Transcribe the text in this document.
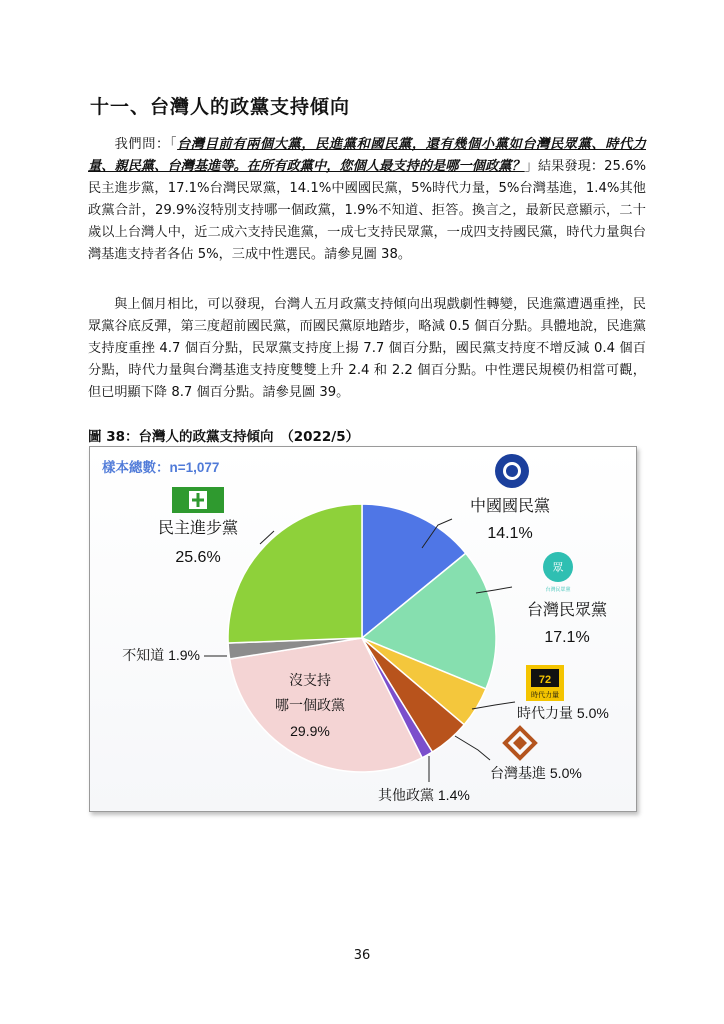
十一、台灣人的政黨支持傾向

我們問：「台灣目前有兩個大黨，民進黨和國民黨，還有幾個小黨如台灣民眾黨、時代力量、親民黨、台灣基進等。在所有政黨中，您個人最支持的是哪一個政黨？」結果發現：25.6%民主進步黨，17.1%台灣民眾黨，14.1%中國國民黨，5%時代力量，5%台灣基進，1.4%其他政黨合計，29.9%沒特別支持哪一個政黨，1.9%不知道、拒答。換言之，最新民意顯示，二十歲以上台灣人中，近二成六支持民進黨，一成七支持民眾黨，一成四支持國民黨，時代力量與台灣基進支持者各佔 5%，三成中性選民。請參見圖 38。

與上個月相比，可以發現，台灣人五月政黨支持傾向出現戲劇性轉變，民進黨遭遇重挫，民眾黨谷底反彈，第三度超前國民黨，而國民黨原地踏步，略減 0.5 個百分點。具體地說，民進黨支持度重挫 4.7 個百分點，民眾黨支持度上揚 7.7 個百分點，國民黨支持度不增反減 0.4 個百分點，時代力量與台灣基進支持度雙雙上升 2.4 和 2.2 個百分點。中性選民規模仍相當可觀，但已明顯下降 8.7 個百分點。請參見圖 39。

圖 38：台灣人的政黨支持傾向　（2022/5）
樣本總數：n=1,077
眾
台灣民眾黨
72
時代力量
中國國民黨
14.1%
台灣民眾黨
17.1%
時代力量 5.0%
台灣基進 5.0%
其他政黨 1.4%
沒支持
哪一個政黨
29.9%
不知道 1.9%
民主進步黨
25.6%
36
